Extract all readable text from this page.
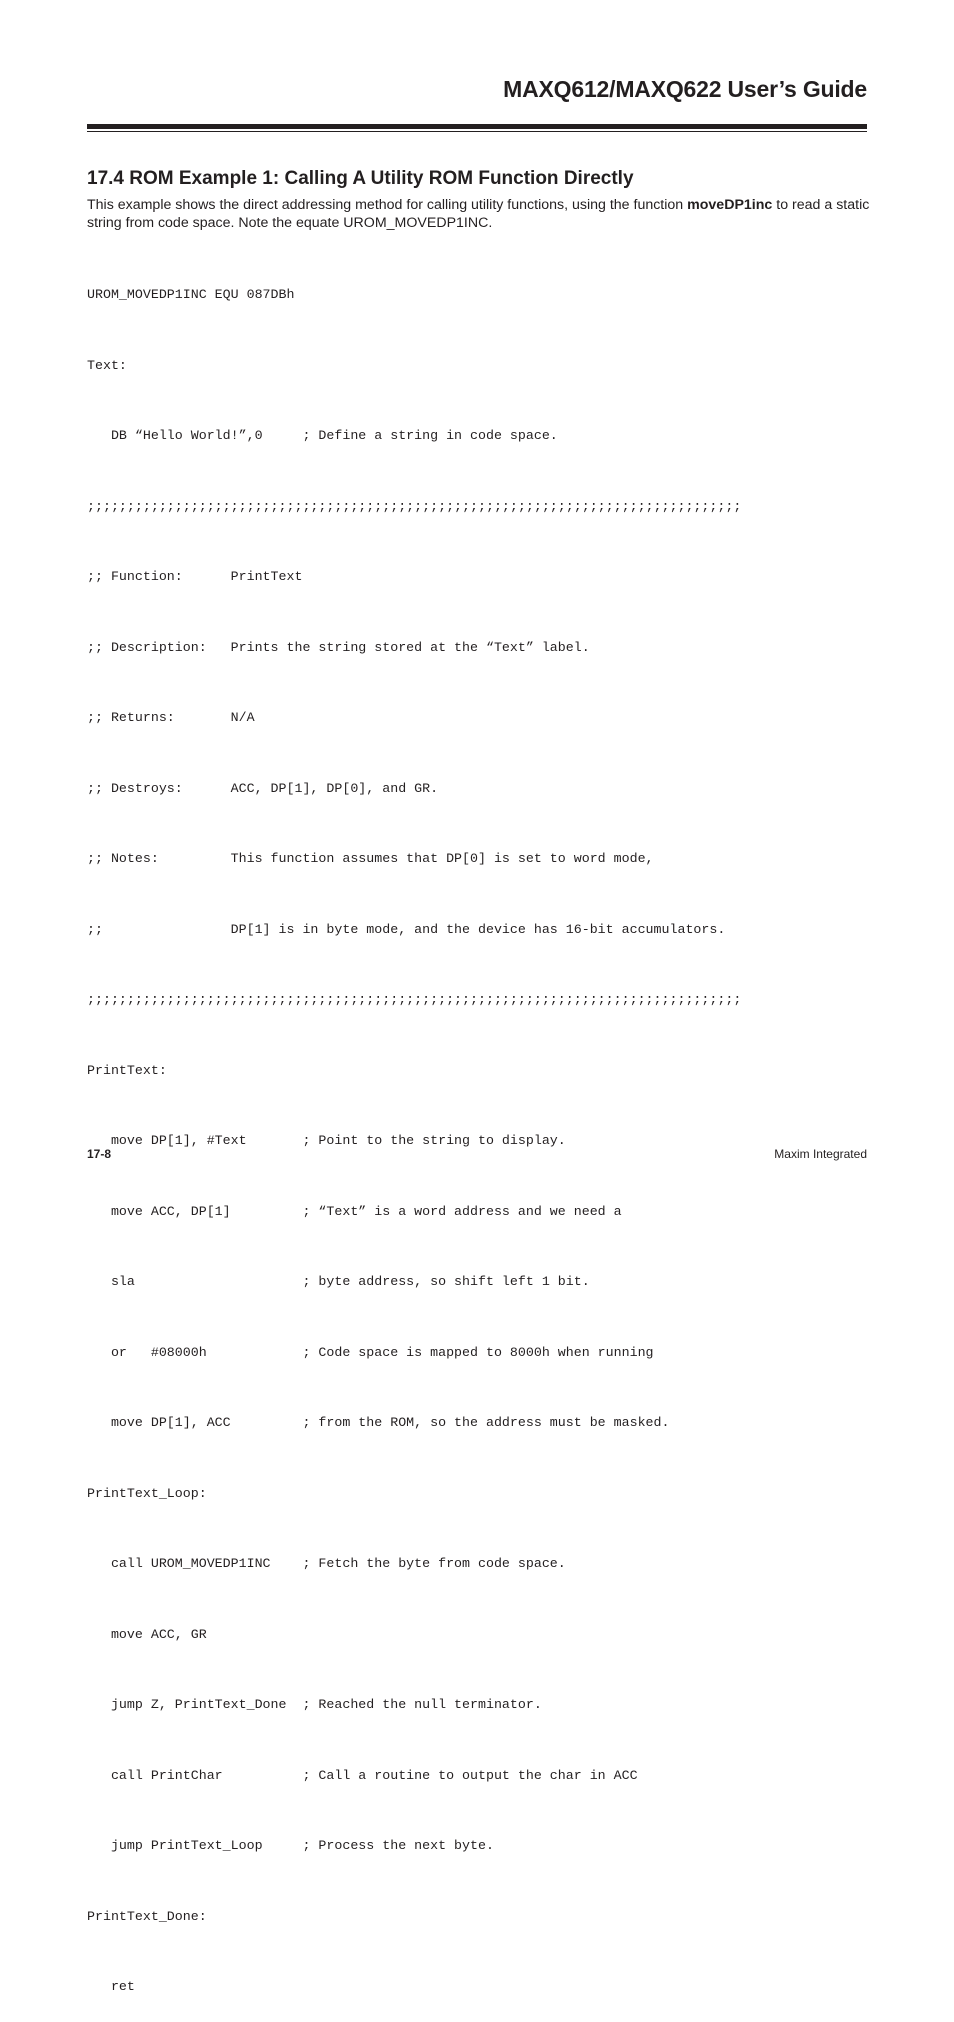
MAXQ612/MAXQ622 User’s Guide
17.4 ROM Example 1: Calling A Utility ROM Function Directly

This example shows the direct addressing method for calling utility functions, using the function moveDP1inc to read a static string from code space. Note the equate UROM_MOVEDP1INC.

UROM_MOVEDP1INC EQU 087DBh

Text:

DB “Hello World!”,0     ; Define a string in code space.

;;;;;;;;;;;;;;;;;;;;;;;;;;;;;;;;;;;;;;;;;;;;;;;;;;;;;;;;;;;;;;;;;;;;;;;;;;;;;;;;;;

;; Function:      PrintText

;; Description:   Prints the string stored at the “Text” label.

;; Returns:       N/A

;; Destroys:      ACC, DP[1], DP[0], and GR.

;; Notes:         This function assumes that DP[0] is set to word mode,

;;                DP[1] is in byte mode, and the device has 16-bit accumulators.

;;;;;;;;;;;;;;;;;;;;;;;;;;;;;;;;;;;;;;;;;;;;;;;;;;;;;;;;;;;;;;;;;;;;;;;;;;;;;;;;;;

PrintText:

move DP[1], #Text       ; Point to the string to display.

move ACC, DP[1]         ; “Text” is a word address and we need a

sla                     ; byte address, so shift left 1 bit.

or   #08000h            ; Code space is mapped to 8000h when running

move DP[1], ACC         ; from the ROM, so the address must be masked.

PrintText_Loop:

call UROM_MOVEDP1INC    ; Fetch the byte from code space.

move ACC, GR

jump Z, PrintText_Done  ; Reached the null terminator.

call PrintChar          ; Call a routine to output the char in ACC

jump PrintText_Loop     ; Process the next byte.

PrintText_Done:

ret

17-8	Maxim Integrated
